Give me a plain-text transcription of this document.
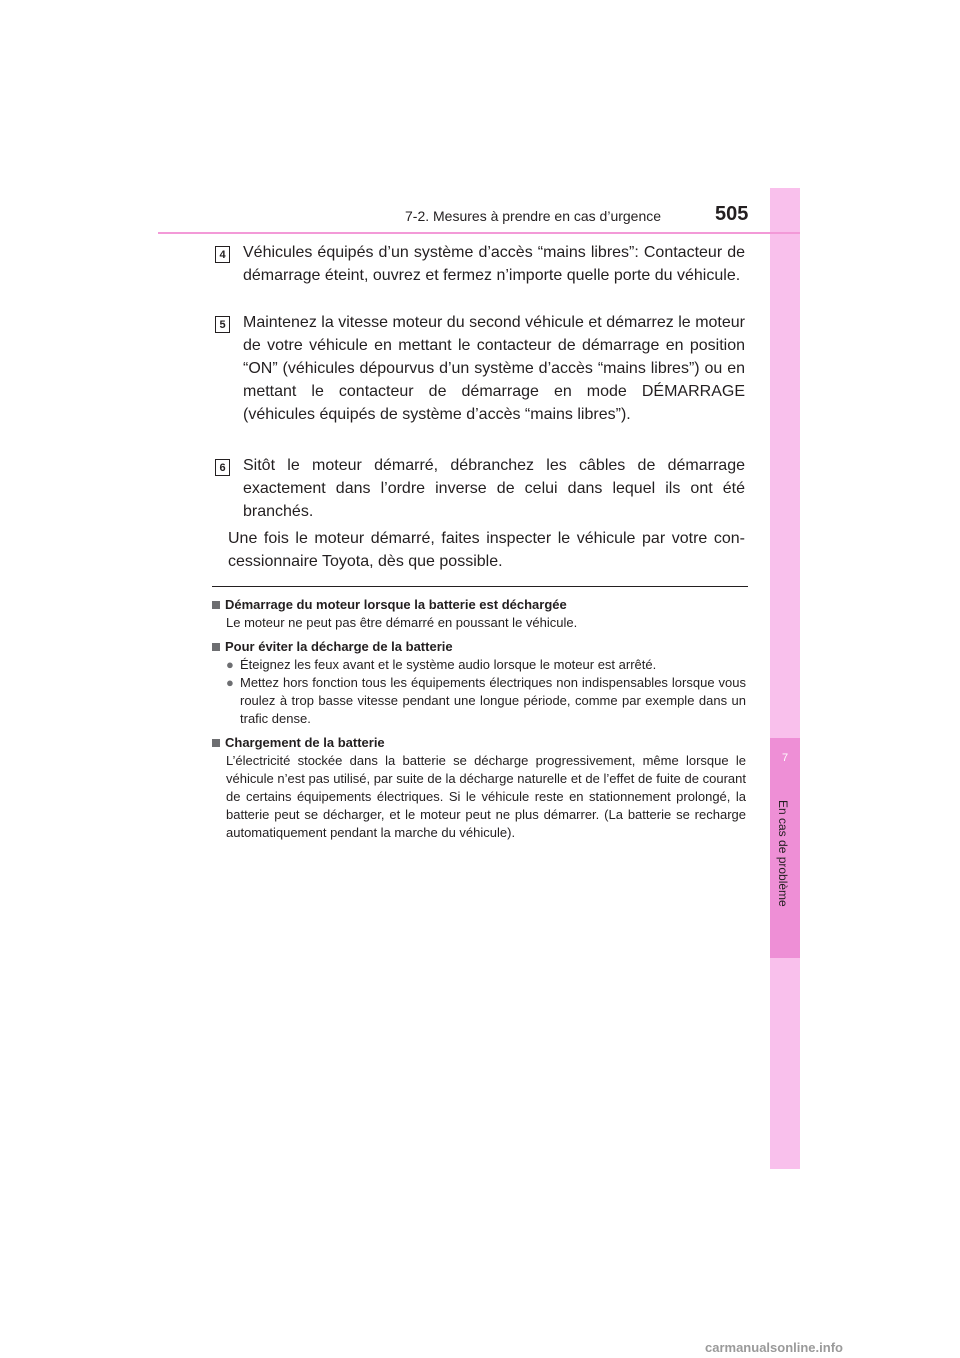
7
En cas de problème
7-2. Mesures à prendre en cas d’urgence	505
4 Véhicules équipés d’un système d’accès “mains libres”: Contacteur de démarrage éteint, ouvrez et fermez n’importe quelle porte du véhicule.
5 Maintenez la vitesse moteur du second véhicule et démarrez le moteur de votre véhicule en mettant le contacteur de démarrage en position “ON” (véhicules dépourvus d’un système d’accès “mains libres”) ou en mettant le contacteur de démarrage en mode DÉMARRAGE (véhicules équipés de système d’accès “mains libres”).
6 Sitôt le moteur démarré, débranchez les câbles de démarrage exactement dans l’ordre inverse de celui dans lequel ils ont été branchés.
Une fois le moteur démarré, faites inspecter le véhicule par votre con-cessionnaire Toyota, dès que possible.
Démarrage du moteur lorsque la batterie est déchargée
Le moteur ne peut pas être démarré en poussant le véhicule.
Pour éviter la décharge de la batterie
● Éteignez les feux avant et le système audio lorsque le moteur est arrêté.
● Mettez hors fonction tous les équipements électriques non indispensables lorsque vous roulez à trop basse vitesse pendant une longue période, comme par exemple dans un trafic dense.
Chargement de la batterie
L’électricité stockée dans la batterie se décharge progressivement, même lorsque le véhicule n’est pas utilisé, par suite de la décharge naturelle et de l’effet de fuite de courant de certains équipements électriques. Si le véhicule reste en stationnement prolongé, la batterie peut se décharger, et le moteur peut ne plus démarrer. (La batterie se recharge automatiquement pendant la marche du véhicule).
carmanualsonline.info
